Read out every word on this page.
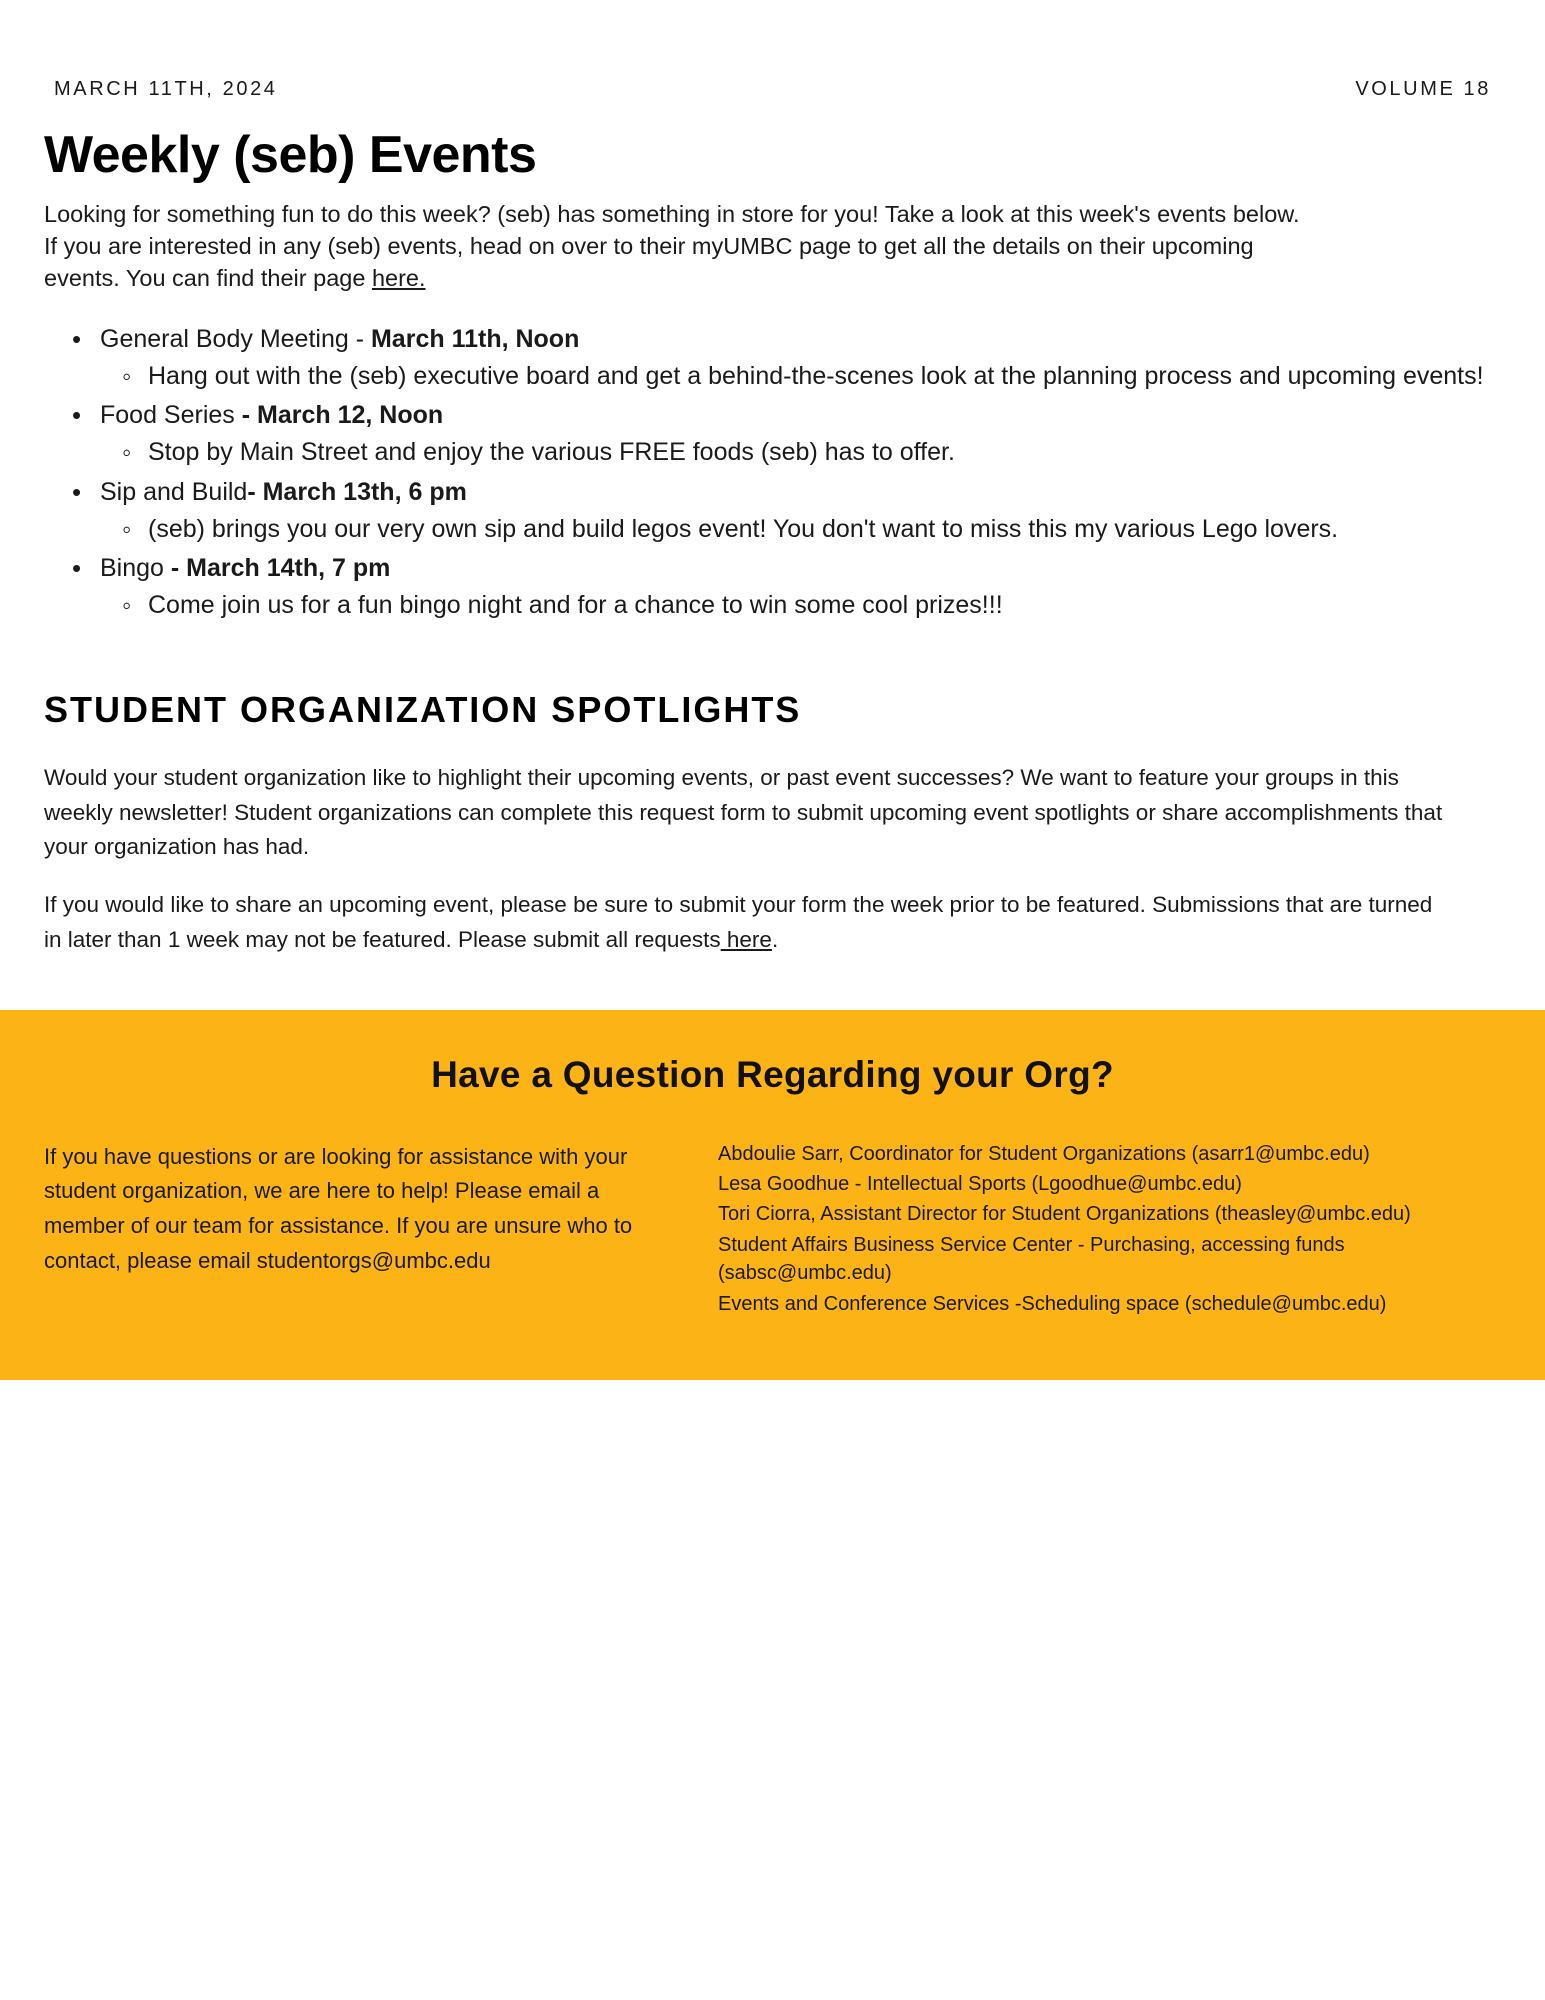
MARCH 11TH, 2024	VOLUME 18
Weekly (seb) Events

Looking for something fun to do this week? (seb) has something in store for you! Take a look at this week's events below. If you are interested in any (seb) events, head on over to their myUMBC page to get all the details on their upcoming events. You can find their page here.

• General Body Meeting - March 11th, Noon
◦ Hang out with the (seb) executive board and get a behind-the-scenes look at the planning process and upcoming events!
• Food Series - March 12, Noon
◦ Stop by Main Street and enjoy the various FREE foods (seb) has to offer.
• Sip and Build- March 13th, 6 pm
◦ (seb) brings you our very own sip and build legos event! You don't want to miss this my various Lego lovers.
• Bingo - March 14th, 7 pm
◦ Come join us for a fun bingo night and for a chance to win some cool prizes!!!
STUDENT ORGANIZATION SPOTLIGHTS

Would your student organization like to highlight their upcoming events, or past event successes? We want to feature your groups in this weekly newsletter! Student organizations can complete this request form to submit upcoming event spotlights or share accomplishments that your organization has had.

If you would like to share an upcoming event, please be sure to submit your form the week prior to be featured. Submissions that are turned in later than 1 week may not be featured. Please submit all requests here.

Have a Question Regarding your Org?
If you have questions or are looking for assistance with your student organization, we are here to help! Please email a member of our team for assistance. If you are unsure who to contact, please email studentorgs@umbc.edu

Abdoulie Sarr, Coordinator for Student Organizations (asarr1@umbc.edu)

Lesa Goodhue - Intellectual Sports (Lgoodhue@umbc.edu)

Tori Ciorra, Assistant Director for Student Organizations (theasley@umbc.edu)

Student Affairs Business Service Center - Purchasing, accessing funds (sabsc@umbc.edu)

Events and Conference Services -Scheduling space (schedule@umbc.edu)
